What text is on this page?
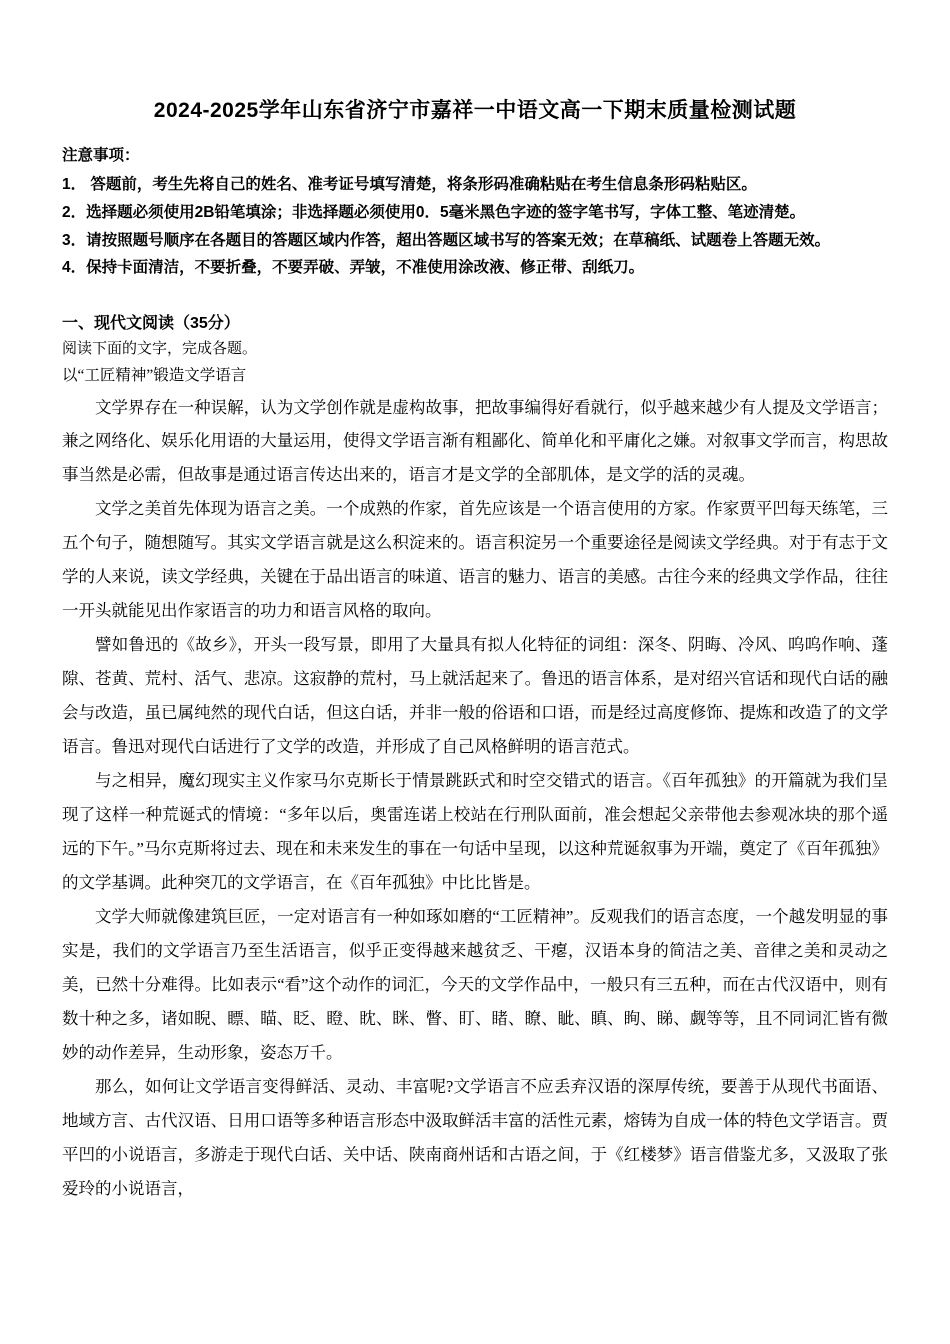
2024-2025学年山东省济宁市嘉祥一中语文高一下期末质量检测试题
注意事项：
1． 答题前，考生先将自己的姓名、准考证号填写清楚，将条形码准确粘贴在考生信息条形码粘贴区。
2．选择题必须使用2B铅笔填涂；非选择题必须使用0．5毫米黑色字迹的签字笔书写，字体工整、笔迹清楚。
3．请按照题号顺序在各题目的答题区域内作答，超出答题区域书写的答案无效；在草稿纸、试题卷上答题无效。
4．保持卡面清洁，不要折叠，不要弄破、弄皱，不准使用涂改液、修正带、刮纸刀。
一、现代文阅读（35分）
阅读下面的文字，完成各题。
以“工匠精神”锻造文学语言

文学界存在一种误解，认为文学创作就是虚构故事，把故事编得好看就行，似乎越来越少有人提及文学语言；兼之网络化、娱乐化用语的大量运用，使得文学语言渐有粗鄙化、简单化和平庸化之嫌。对叙事文学而言，构思故事当然是必需，但故事是通过语言传达出来的，语言才是文学的全部肌体，是文学的活的灵魂。

文学之美首先体现为语言之美。一个成熟的作家，首先应该是一个语言使用的方家。作家贾平凹每天练笔，三五个句子，随想随写。其实文学语言就是这么积淀来的。语言积淀另一个重要途径是阅读文学经典。对于有志于文学的人来说，读文学经典，关键在于品出语言的味道、语言的魅力、语言的美感。古往今来的经典文学作品，往往一开头就能见出作家语言的功力和语言风格的取向。

譬如鲁迅的《故乡》，开头一段写景，即用了大量具有拟人化特征的词组：深冬、阴晦、冷风、呜呜作响、蓬隙、苍黄、荒村、活气、悲凉。这寂静的荒村，马上就活起来了。鲁迅的语言体系，是对绍兴官话和现代白话的融会与改造，虽已属纯然的现代白话，但这白话，并非一般的俗语和口语，而是经过高度修饰、提炼和改造了的文学语言。鲁迅对现代白话进行了文学的改造，并形成了自己风格鲜明的语言范式。

与之相异，魔幻现实主义作家马尔克斯长于情景跳跃式和时空交错式的语言。《百年孤独》的开篇就为我们呈现了这样一种荒诞式的情境：“多年以后，奥雷连诺上校站在行刑队面前，准会想起父亲带他去参观冰块的那个遥远的下午。”马尔克斯将过去、现在和未来发生的事在一句话中呈现，以这种荒诞叙事为开端，奠定了《百年孤独》的文学基调。此种突兀的文学语言，在《百年孤独》中比比皆是。

文学大师就像建筑巨匠，一定对语言有一种如琢如磨的“工匠精神”。反观我们的语言态度，一个越发明显的事实是，我们的文学语言乃至生活语言，似乎正变得越来越贫乏、干瘪，汉语本身的简洁之美、音律之美和灵动之美，已然十分难得。比如表示“看”这个动作的词汇，今天的文学作品中，一般只有三五种，而在古代汉语中，则有数十种之多，诸如睨、瞟、瞄、眨、瞪、眈、眯、瞥、盯、睹、瞭、眦、瞋、眴、睇、觑等等，且不同词汇皆有微妙的动作差异，生动形象，姿态万千。

那么，如何让文学语言变得鲜活、灵动、丰富呢?文学语言不应丢弃汉语的深厚传统，要善于从现代书面语、地域方言、古代汉语、日用口语等多种语言形态中汲取鲜活丰富的活性元素，熔铸为自成一体的特色文学语言。贾平凹的小说语言，多游走于现代白话、关中话、陕南商州话和古语之间，于《红楼梦》语言借鉴尤多，又汲取了张爱玲的小说语言，
